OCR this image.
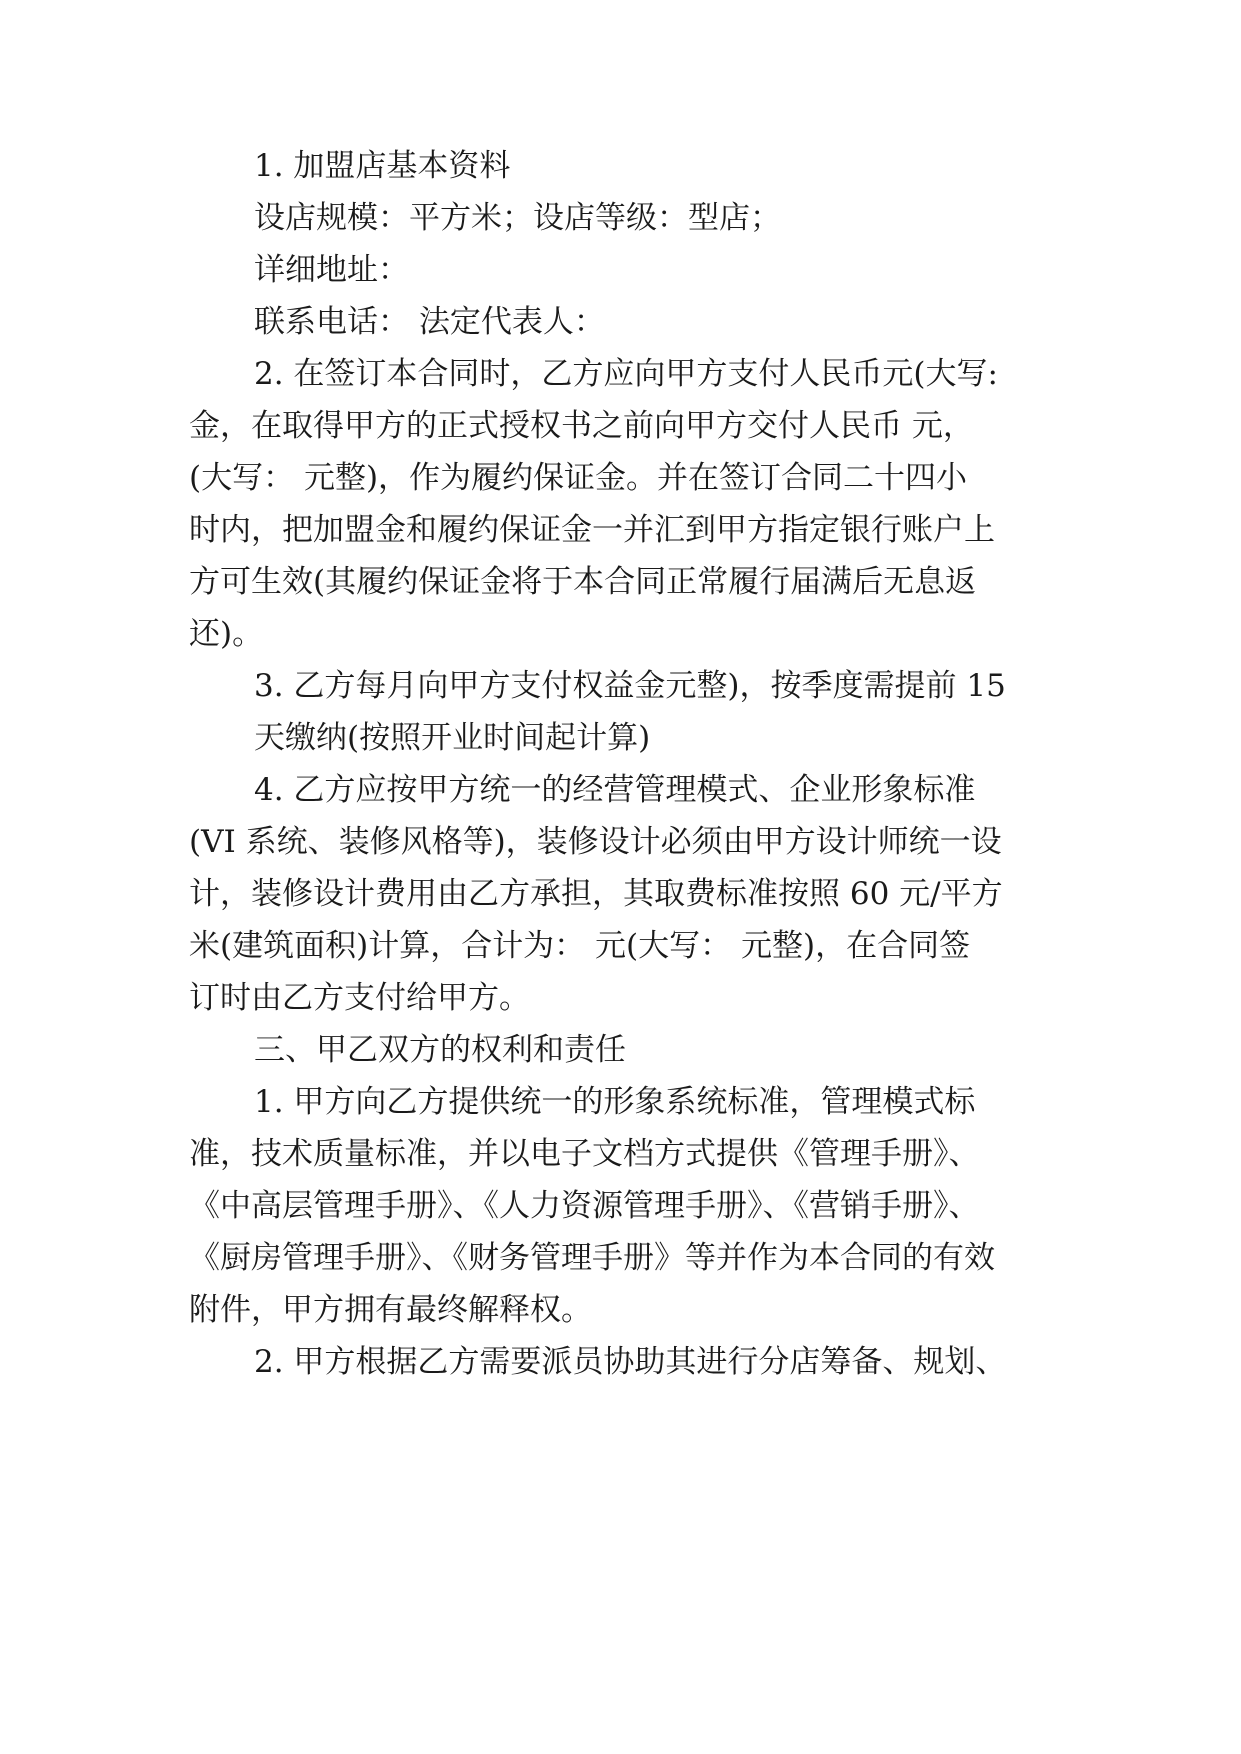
1. 加盟店基本资料
设店规模：平方米；设店等级：型店；
详细地址：
联系电话： 法定代表人：
2. 在签订本合同时，乙方应向甲方支付人民币元(大写:
金，在取得甲方的正式授权书之前向甲方交付人民币 元，
(大写： 元整)，作为履约保证金。并在签订合同二十四小
时内，把加盟金和履约保证金一并汇到甲方指定银行账户上
方可生效(其履约保证金将于本合同正常履行届满后无息返
还)。
3. 乙方每月向甲方支付权益金元整)，按季度需提前 15
天缴纳(按照开业时间起计算)
4. 乙方应按甲方统一的经营管理模式、企业形象标准
(VI 系统、装修风格等)，装修设计必须由甲方设计师统一设
计，装修设计费用由乙方承担，其取费标准按照 60 元/平方
米(建筑面积)计算，合计为： 元(大写： 元整)，在合同签
订时由乙方支付给甲方。
三、甲乙双方的权利和责任
1. 甲方向乙方提供统一的形象系统标准，管理模式标
准，技术质量标准，并以电子文档方式提供《管理手册》、
《中高层管理手册》、《人力资源管理手册》、《营销手册》、
《厨房管理手册》、《财务管理手册》等并作为本合同的有效
附件，甲方拥有最终解释权。
2. 甲方根据乙方需要派员协助其进行分店筹备、规划、
